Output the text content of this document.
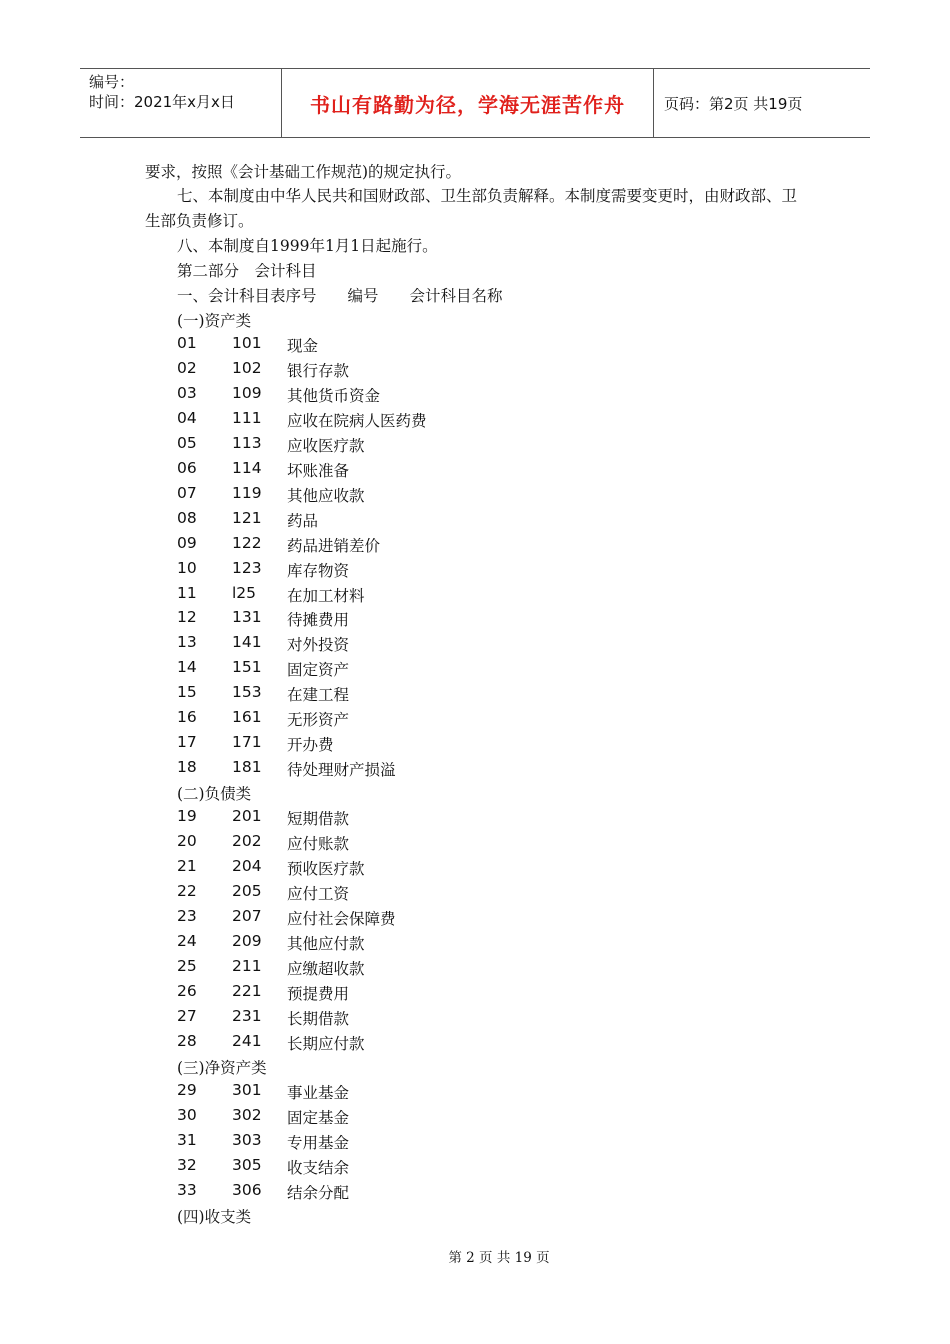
编号：
时间：2021年x月x日	书山有路勤为径，学海无涯苦作舟	页码：第2页 共19页
要求，按照《会计基础工作规范)的规定执行。
七、本制度由中华人民共和国财政部、卫生部负责解释。本制度需要变更时，由财政部、卫生部负责修订。
八、本制度自1999年1月1日起施行。
第二部分　会计科目
一、会计科目表序号　　编号　　会计科目名称
(一)资产类
01 101 现金
02 102 银行存款
03 109 其他货币资金
04 111 应收在院病人医药费
05 113 应收医疗款
06 114 坏账准备
07 119 其他应收款
08 121 药品
09 122 药品进销差价
10 123 库存物资
11 l25 在加工材料
12 131 待摊费用
13 141 对外投资
14 151 固定资产
15 153 在建工程
16 161 无形资产
17 171 开办费
18 181 待处理财产损溢
(二)负债类
19 201 短期借款
20 202 应付账款
21 204 预收医疗款
22 205 应付工资
23 207 应付社会保障费
24 209 其他应付款
25 211 应缴超收款
26 221 预提费用
27 231 长期借款
28 241 长期应付款
(三)净资产类
29 301 事业基金
30 302 固定基金
31 303 专用基金
32 305 收支结余
33 306 结余分配
(四)收支类
第 2 页 共 19 页
